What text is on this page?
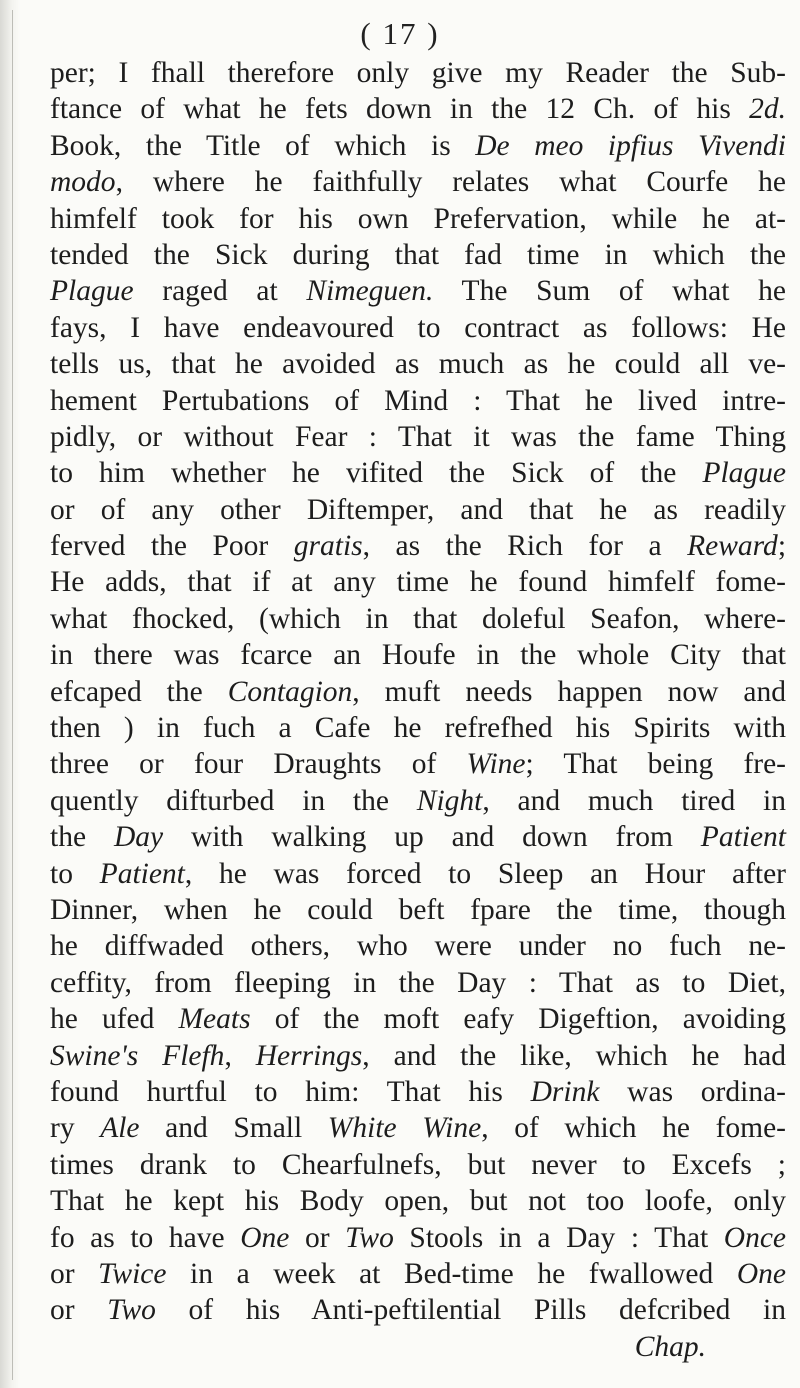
( 17 )
per; I fhall therefore only give my Reader the Sub-
ftance of what he fets down in the 12 Ch. of his 2d.
Book, the Title of which is De meo ipfius Vivendi
modo, where he faithfully relates what Courfe he
himfelf took for his own Prefervation, while he at-
tended the Sick during that fad time in which the
Plague raged at Nimeguen. The Sum of what he
fays, I have endeavoured to contract as follows: He
tells us, that he avoided as much as he could all ve-
hement Pertubations of Mind : That he lived intre-
pidly, or without Fear : That it was the fame Thing
to him whether he vifited the Sick of the Plague
or of any other Diftemper, and that he as readily
ferved the Poor gratis, as the Rich for a Reward;
He adds, that if at any time he found himfelf fome-
what fhocked, (which in that doleful Seafon, where-
in there was fcarce an Houfe in the whole City that
efcaped the Contagion, muft needs happen now and
then ) in fuch a Cafe he refrefhed his Spirits with
three or four Draughts of Wine; That being fre-
quently difturbed in the Night, and much tired in
the Day with walking up and down from Patient
to Patient, he was forced to Sleep an Hour after
Dinner, when he could beft fpare the time, though
he diffwaded others, who were under no fuch ne-
ceffity, from fleeping in the Day : That as to Diet,
he ufed Meats of the moft eafy Digeftion, avoiding
Swine's Flefh, Herrings, and the like, which he had
found hurtful to him: That his Drink was ordina-
ry Ale and Small White Wine, of which he fome-
times drank to Chearfulnefs, but never to Excefs ;
That he kept his Body open, but not too loofe, only
fo as to have One or Two Stools in a Day : That Once
or Twice in a week at Bed-time he fwallowed One
or Two of his Anti-peftilential Pills defcribed in
Chap.
